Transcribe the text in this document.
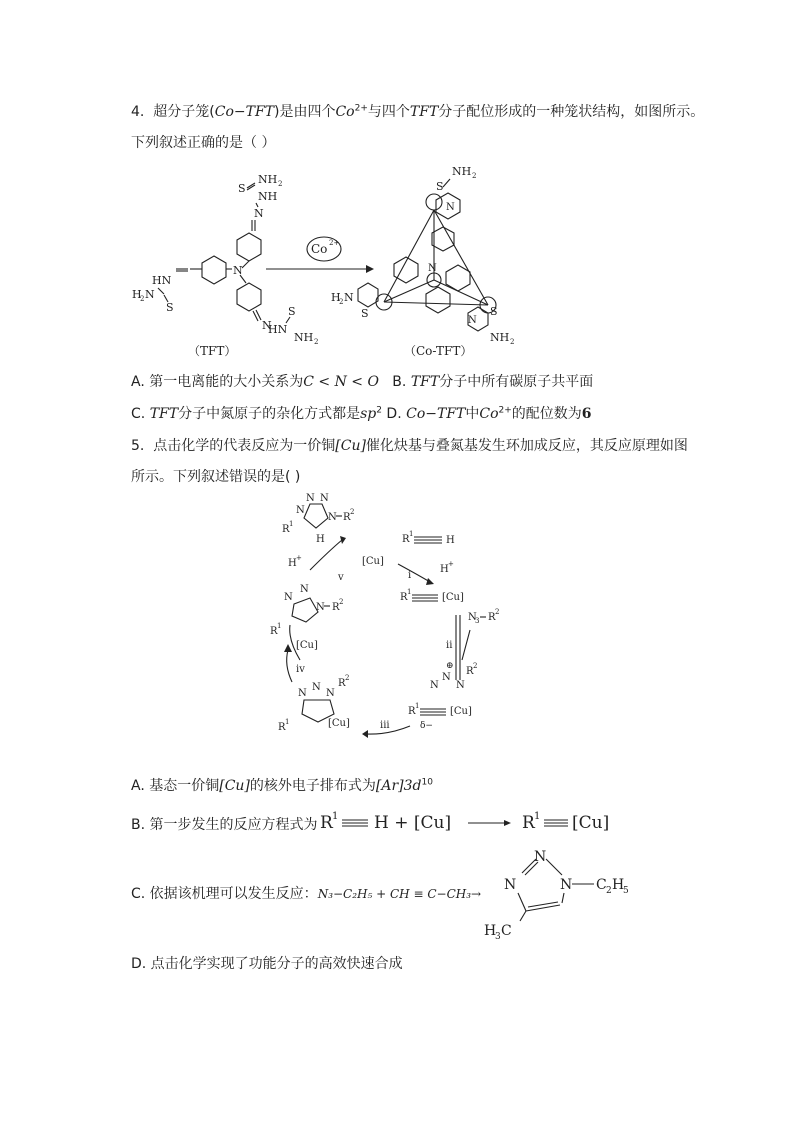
4. 超分子笼(Co−TFT)是由四个$Co^{2+}$与四个TFT分子配位形成的一种笼状结构，如图所示。
下列叙述正确的是（ ）
NH 2
S
NH
N
N
HN
H
2 N
S
N
HN
S
NH 2
Co 2+
NH 2
S
N
N
H
2 N
S	S
N
NH 2
（TFT）	（Co-TFT）
A. 第一电离能的大小关系为C < N < O B. TFT分子中所有碳原子共平面
C. TFT分子中氮原子的杂化方式都是$sp^2$ D. Co−TFT中$Co^{2+}$的配位数为6
5. 点击化学的代表反应为一价铜[Cu]催化炔基与叠氮基发生环加成反应，其反应原理如图
所示。下列叙述错误的是( )
N N
N
N R 2
R 1
H
H +
v
[Cu]
R 1
H
i
H +
R 1	[Cu]
N
3 R 2
ii
⊕
N
N
N
R 2
R 1	[Cu]
δ−
iii
N
N
N
R 2
R 1	[Cu]
iv
N
N
N R 2
R 1
[Cu]
A. 基态一价铜[Cu]的核外电子排布式为$[Ar]3d^{10}$
B. 第一步发生的反应方程式为 R 1 H + [Cu]	R 1 [Cu]
C. 依据该机理可以发生反应：N₃−C₂H₅ + CH ≡ C−CH₃→
N
N	N C 2 H
5
H
3 C
D. 点击化学实现了功能分子的高效快速合成
